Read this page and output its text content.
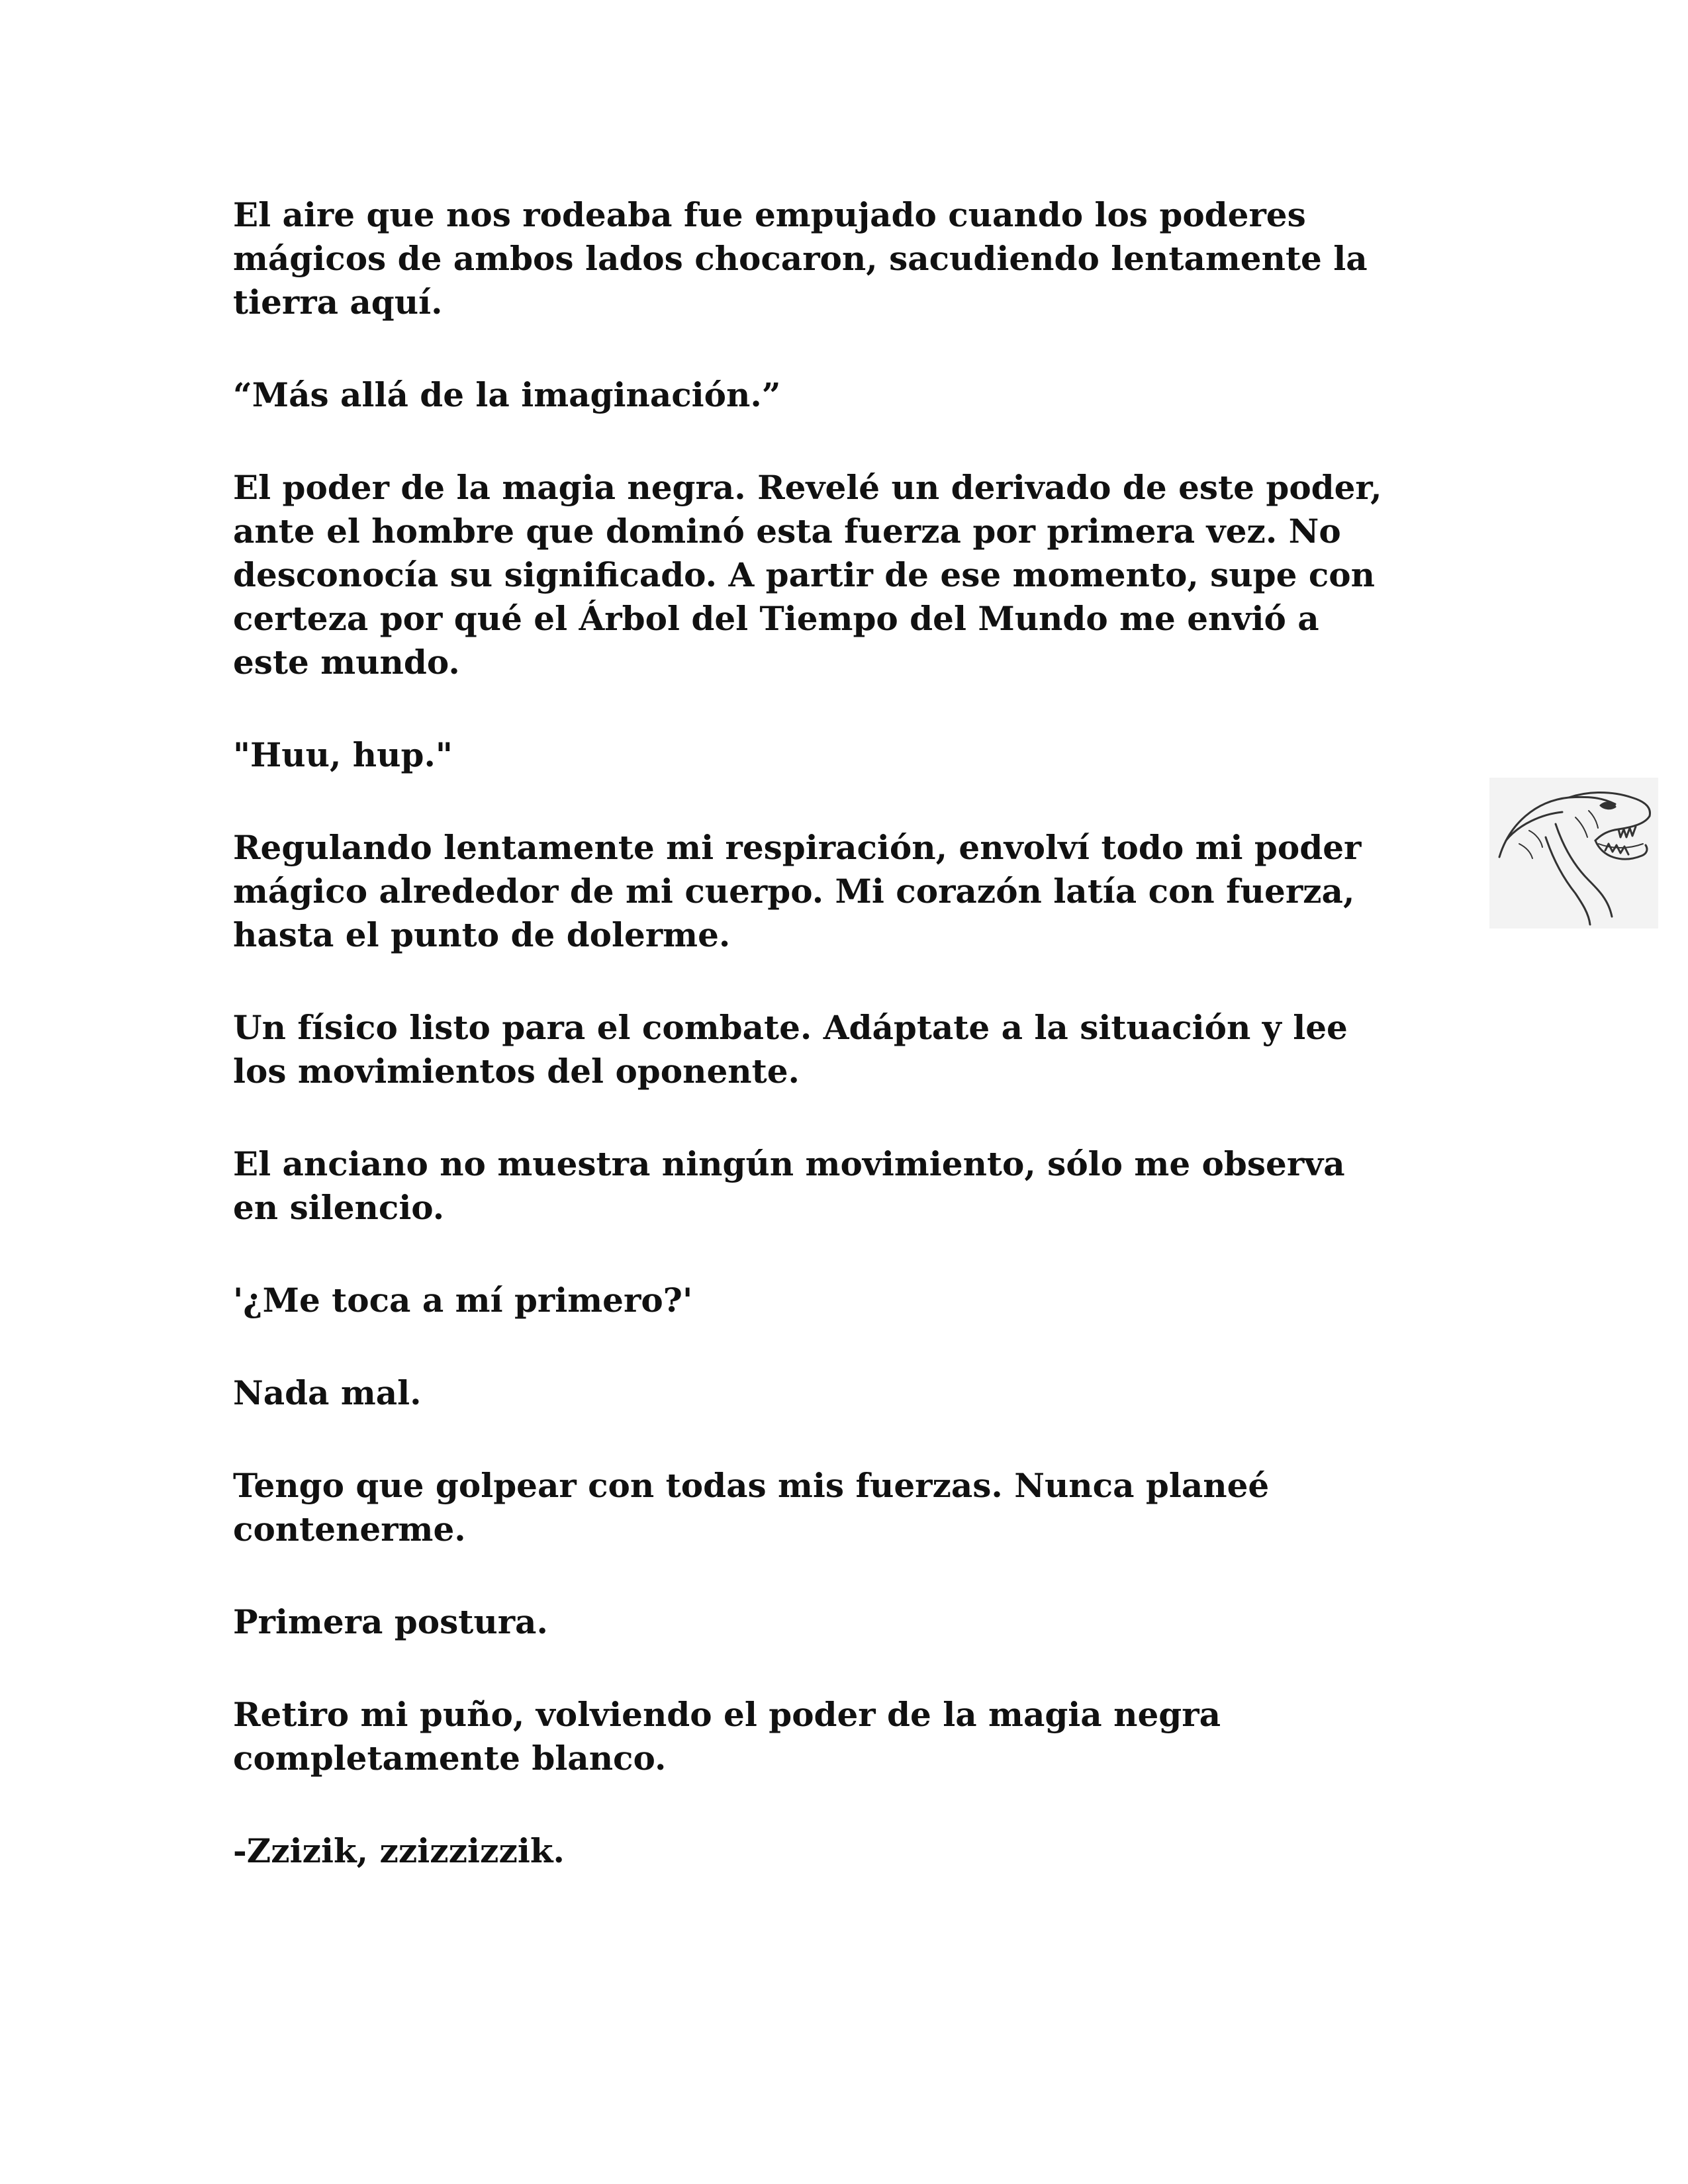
El aire que nos rodeaba fue empujado cuando los poderes
mágicos de ambos lados chocaron, sacudiendo lentamente la
tierra aquí.

“Más allá de la imaginación.”

El poder de la magia negra. Revelé un derivado de este poder,
ante el hombre que dominó esta fuerza por primera vez. No
desconocía su significado. A partir de ese momento, supe con
certeza por qué el Árbol del Tiempo del Mundo me envió a
este mundo.

"Huu, hup."

Regulando lentamente mi respiración, envolví todo mi poder
mágico alrededor de mi cuerpo. Mi corazón latía con fuerza,
hasta el punto de dolerme.

Un físico listo para el combate. Adáptate a la situación y lee
los movimientos del oponente.

El anciano no muestra ningún movimiento, sólo me observa
en silencio.

'¿Me toca a mí primero?'

Nada mal.

Tengo que golpear con todas mis fuerzas. Nunca planeé
contenerme.

Primera postura.

Retiro mi puño, volviendo el poder de la magia negra
completamente blanco.

-Zzizik, zzizzizzik.
